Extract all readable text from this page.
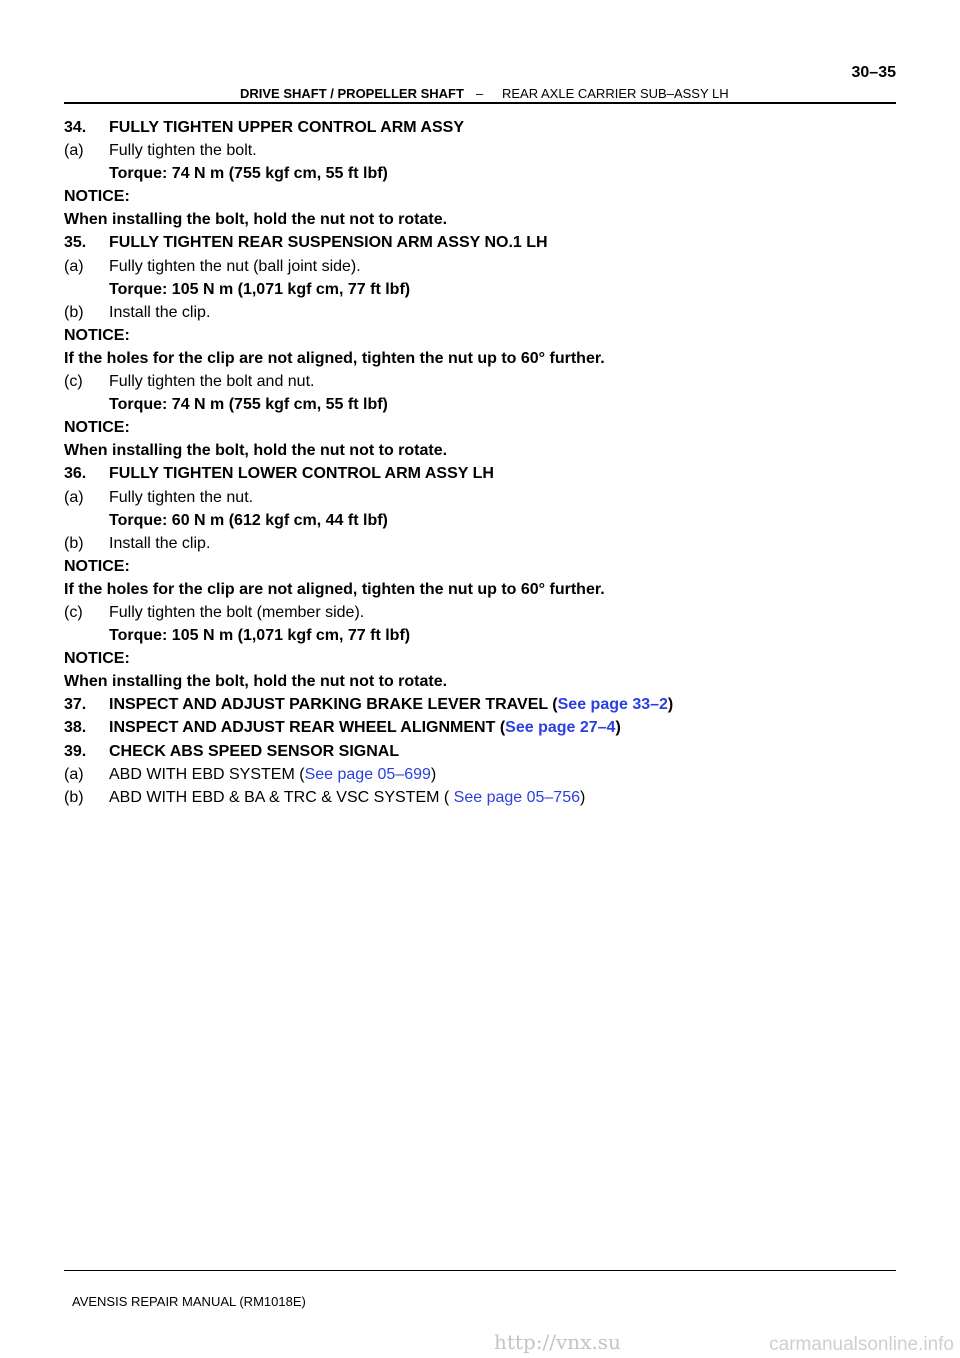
DRIVE SHAFT / PROPELLER SHAFT – REAR AXLE CARRIER SUB–ASSY LH
30–35
34. FULLY TIGHTEN UPPER CONTROL ARM ASSY
(a) Fully tighten the bolt.
Torque: 74 N m (755 kgf cm, 55 ft lbf)
NOTICE:
When installing the bolt, hold the nut not to rotate.
35. FULLY TIGHTEN REAR SUSPENSION ARM ASSY NO.1 LH
(a) Fully tighten the nut (ball joint side).
Torque: 105 N m (1,071 kgf cm, 77 ft lbf)
(b) Install the clip.
NOTICE:
If the holes for the clip are not aligned, tighten the nut up to 60° further.
(c) Fully tighten the bolt and nut.
Torque: 74 N m (755 kgf cm, 55 ft lbf)
NOTICE:
When installing the bolt, hold the nut not to rotate.
36. FULLY TIGHTEN LOWER CONTROL ARM ASSY LH
(a) Fully tighten the nut.
Torque: 60 N m (612 kgf cm, 44 ft lbf)
(b) Install the clip.
NOTICE:
If the holes for the clip are not aligned, tighten the nut up to 60° further.
(c) Fully tighten the bolt (member side).
Torque: 105 N m (1,071 kgf cm, 77 ft lbf)
NOTICE:
When installing the bolt, hold the nut not to rotate.
37. INSPECT AND ADJUST PARKING BRAKE LEVER TRAVEL (See page 33–2)
38. INSPECT AND ADJUST REAR WHEEL ALIGNMENT (See page 27–4)
39. CHECK ABS SPEED SENSOR SIGNAL
(a) ABD WITH EBD SYSTEM (See page 05–699)
(b) ABD WITH EBD & BA & TRC & VSC SYSTEM ( See page 05–756)
AVENSIS REPAIR MANUAL (RM1018E)
http://vnx.su	carmanualsonline.info
